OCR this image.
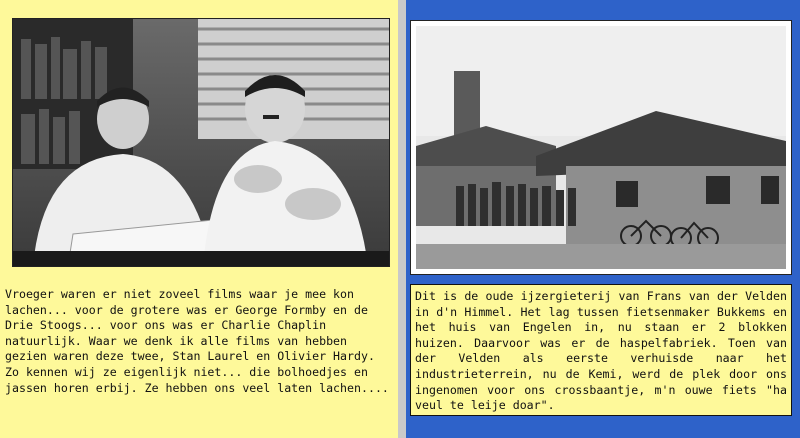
Vroeger waren er niet zoveel films waar je mee kon lachen... voor de grotere was er George Formby en de Drie Stoogs... voor ons was er Charlie Chaplin natuurlijk. Waar we denk ik alle films van hebben gezien waren deze twee, Stan Laurel en Olivier Hardy. Zo kennen wij ze eigenlijk niet... die bolhoedjes en jassen horen erbij. Ze hebben ons veel laten lachen....

Dit is de oude ijzergieterij van Frans van der Velden in d'n Himmel. Het lag tussen fietsenmaker Bukkems en het huis van Engelen in, nu staan er 2 blokken huizen. Daarvoor was er de haspelfabriek. Toen van der Velden als eerste verhuisde naar het industrieterrein, nu de Kemi, werd de plek door ons ingenomen voor ons crossbaantje, m'n ouwe fiets "ha veul te leije doar".
